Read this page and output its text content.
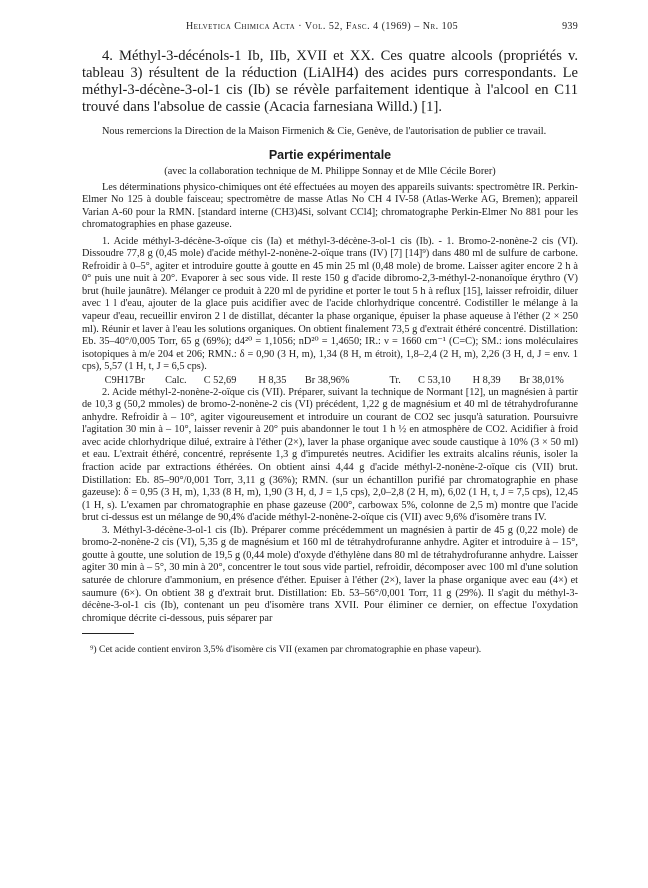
Helvetica Chimica Acta · Vol. 52, Fasc. 4 (1969) – Nr. 105	939

4. Méthyl-3-décénols-1 Ib, IIb, XVII et XX. Ces quatre alcools (propriétés v. tableau 3) résultent de la réduction (LiAlH4) des acides purs correspondants. Le méthyl-3-décène-3-ol-1 cis (Ib) se révèle parfaitement identique à l'alcool en C11 trouvé dans l'absolue de cassie (Acacia farnesiana Willd.) [1].

Nous remercions la Direction de la Maison Firmenich & Cie, Genève, de l'autorisation de publier ce travail.

Partie expérimentale
(avec la collaboration technique de M. Philippe Sonnay et de Mlle Cécile Borer)

Les déterminations physico-chimiques ont été effectuées au moyen des appareils suivants: spectromètre IR. Perkin-Elmer No 125 à double faisceau; spectromètre de masse Atlas No CH 4 IV-58 (Atlas-Werke AG, Bremen); appareil Varian A-60 pour la RMN. [standard interne (CH3)4Si, solvant CCl4]; chromatographe Perkin-Elmer No 881 pour les chromatographies en phase gazeuse.

1. Acide méthyl-3-décène-3-oïque cis (Ia) et méthyl-3-décène-3-ol-1 cis (Ib). - 1. Bromo-2-nonène-2 cis (VI). Dissoudre 77,8 g (0,45 mole) d'acide méthyl-2-nonène-2-oïque trans (IV) [7] [14]⁹) dans 480 ml de sulfure de carbone. Refroidir à 0–5°, agiter et introduire goutte à goutte en 45 min 25 ml (0,48 mole) de brome. Laisser agiter encore 2 h à 0° puis une nuit à 20°. Evaporer à sec sous vide. Il reste 150 g d'acide dibromo-2,3-méthyl-2-nonanoïque érythro (V) brut (huile jaunâtre). Mélanger ce produit à 220 ml de pyridine et porter le tout 5 h à reflux [15], laisser refroidir, diluer avec 1 l d'eau, ajouter de la glace puis acidifier avec de l'acide chlorhydrique concentré. Codistiller le mélange à la vapeur d'eau, recueillir environ 2 l de distillat, décanter la phase organique, épuiser la phase aqueuse à l'éther (2 × 250 ml). Réunir et laver à l'eau les solutions organiques. On obtient finalement 73,5 g d'extrait éthéré concentré. Distillation: Eb. 35–40°/0,005 Torr, 65 g (69%); d4²⁰ = 1,1056; nD²⁰ = 1,4650; IR.: ν = 1660 cm⁻¹ (C=C); SM.: ions moléculaires isotopiques à m/e 204 et 206; RMN.: δ = 0,90 (3 H, m), 1,34 (8 H, m étroit), 1,8–2,4 (2 H, m), 2,26 (3 H, d, J = env. 1 cps), 5,57 (1 H, t, J = 6,5 cps).

C9H17Br Calc. C 52,69 H 8,35 Br 38,96%	Tr. C 53,10 H 8,39 Br 38,01%

2. Acide méthyl-2-nonène-2-oïque cis (VII). Préparer, suivant la technique de Normant [12], un magnésien à partir de 10,3 g (50,2 mmoles) de bromo-2-nonène-2 cis (VI) précédent, 1,22 g de magnésium et 40 ml de tétrahydrofuranne anhydre. Refroidir à – 10°, agiter vigoureusement et introduire un courant de CO2 sec jusqu'à saturation. Poursuivre l'agitation 30 min à – 10°, laisser revenir à 20° puis abandonner le tout 1 h ½ en atmosphère de CO2. Acidifier à froid avec acide chlorhydrique dilué, extraire à l'éther (2×), laver la phase organique avec soude caustique à 10% (3 × 50 ml) et eau. L'extrait éthéré, concentré, représente 1,3 g d'impuretés neutres. Acidifier les extraits alcalins réunis, isoler la fraction acide par extractions éthérées. On obtient ainsi 4,44 g d'acide méthyl-2-nonène-2-oïque cis (VII) brut. Distillation: Eb. 85–90°/0,001 Torr, 3,11 g (36%); RMN. (sur un échantillon purifié par chromatographie en phase gazeuse): δ = 0,95 (3 H, m), 1,33 (8 H, m), 1,90 (3 H, d, J = 1,5 cps), 2,0–2,8 (2 H, m), 6,02 (1 H, t, J = 7,5 cps), 12,45 (1 H, s). L'examen par chromatographie en phase gazeuse (200°, carbowax 5%, colonne de 2,5 m) montre que l'acide brut ci-dessus est un mélange de 90,4% d'acide méthyl-2-nonène-2-oïque cis (VII) avec 9,6% d'isomère trans IV.

3. Méthyl-3-décène-3-ol-1 cis (Ib). Préparer comme précédemment un magnésien à partir de 45 g (0,22 mole) de bromo-2-nonène-2 cis (VI), 5,35 g de magnésium et 160 ml de tétrahydrofuranne anhydre. Agiter et introduire à – 15°, goutte à goutte, une solution de 19,5 g (0,44 mole) d'oxyde d'éthylène dans 80 ml de tétrahydrofuranne anhydre. Laisser agiter 30 min à – 5°, 30 min à 20°, concentrer le tout sous vide partiel, refroidir, décomposer avec 100 ml d'une solution saturée de chlorure d'ammonium, en présence d'éther. Epuiser à l'éther (2×), laver la phase organique avec eau (4×) et saumure (6×). On obtient 38 g d'extrait brut. Distillation: Eb. 53–56°/0,001 Torr, 11 g (29%). Il s'agit du méthyl-3-décène-3-ol-1 cis (Ib), contenant un peu d'isomère trans XVII. Pour éliminer ce dernier, on effectue l'oxydation chromique décrite ci-dessous, puis séparer par

⁹) Cet acide contient environ 3,5% d'isomère cis VII (examen par chromatographie en phase vapeur).
